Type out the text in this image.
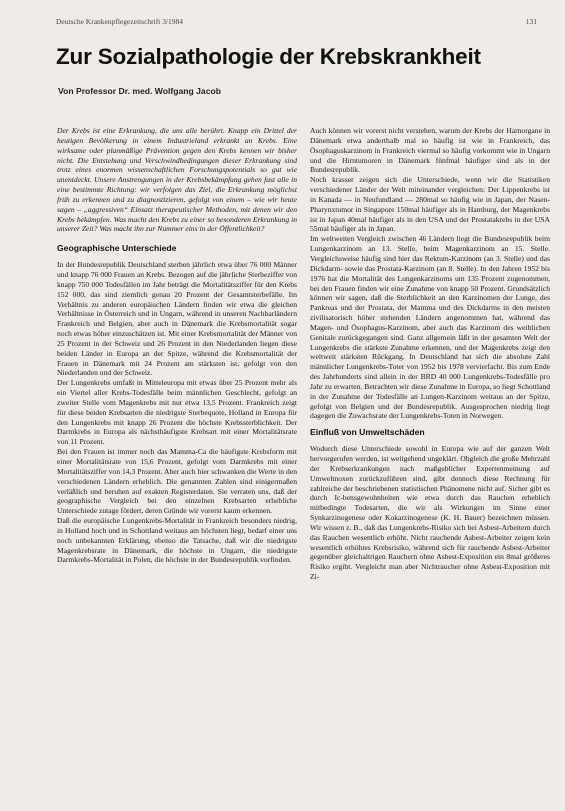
Deutsche Krankenpflegezeitschrift 3/1984	131
Zur Sozialpathologie der Krebskrankheit

Von Professor Dr. med. Wolfgang Jacob

Der Krebs ist eine Erkrankung, die uns alle berührt. Knapp ein Drittel der heutigen Bevölkerung in einem Industrieland erkrankt an Krebs. Eine wirksame oder planmäßige Prävention gegen den Krebs kennen wir bisher nicht. Die Entstehung und Verschwindbedingungen dieser Erkrankung sind trotz eines enormen wissenschaftlichen Forschungspotentials so gut wie unentdeckt. Unsere Anstrengungen in der Krebsbekämpfung gehen fast alle in eine bestimmte Richtung: wir verfolgen das Ziel, die Erkrankung möglichst früh zu erkennen und zu diagnostizieren, gefolgt von einem – wie wir heute sagen – „aggressiven“ Einsatz therapeutischer Methoden, mit denen wir den Krebs bekämpfen. Was macht den Krebs zu einer so besonderen Erkrankung in unserer Zeit? Was macht ihn zur Nummer eins in der Öffentlichkeit?

Geographische Unterschiede

In der Bundesrepublik Deutschland sterben jährlich etwa über 76 000 Männer und knapp 76 000 Frauen an Krebs. Bezogen auf die jährliche Sterbeziffer von knapp 750 000 Todesfällen im Jahr beträgt die Mortalitätsziffer für den Krebs 152 000, das sind ziemlich genau 20 Prozent der Gesamtsterbefälle. Im Verhältnis zu anderen europäischen Ländern finden wir etwa die gleichen Verhältnisse in Österreich und in Ungarn, während in unseren Nachbarländern Frankreich und Belgien, aber auch in Dänemark die Krebsmortalität sogar noch etwas höher einzuschätzen ist. Mit einer Krebsmortalität der Männer von 25 Prozent in der Schweiz und 26 Prozent in den Niederlanden liegen diese beiden Länder in Europa an der Spitze, während die Krebsmortalität der Frauen in Dänemark mit 24 Prozent am stärksten ist, gefolgt von den Niederlanden und der Schweiz.

Der Lungenkrebs umfaßt in Mitteleuropa mit etwas über 25 Prozent mehr als ein Viertel aller Krebs-Todesfälle beim männlichen Geschlecht, gefolgt an zweiter Stelle vom Magenkrebs mit nur etwa 13,5 Prozent. Frankreich zeigt für diese beiden Krebsarten die niedrigste Sterbequote, Holland in Europa für den Lungenkrebs mit knapp 26 Prozent die höchste Krebssterblichkeit. Der Darmkrebs in Europa als nächsthäufigste Krebsart mit einer Mortalitätsrate von 11 Prozent.

Bei den Frauen ist immer noch das Mamma-Ca die häufigste Krebsform mit einer Mortalitätsrate von 15,6 Prozent, gefolgt vom Darmkrebs mit einer Mortalitätsziffer von 14,3 Prozent. Aber auch hier schwanken die Werte in den verschiedenen Ländern erheblich. Die genannten Zahlen sind einigermaßen verläßlich und beruhen auf exakten Registerdaten. Sie verraten uns, daß der geographische Vergleich bei den einzelnen Krebsarten erhebliche Unterschiede zutage fördert, deren Gründe wir vorerst kaum erkennen.

Daß die europäische Lungenkrebs-Mortalität in Frankreich besonders niedrig, in Holland hoch und in Schottland weitaus am höchsten liegt, bedarf einer uns noch unbekannten Erklärung, ebenso die Tatsache, daß wir die niedrigste Magenkrebsrate in Dänemark, die höchste in Ungarn, die niedrigste Darmkrebs-Mortalität in Polen, die höchste in der Bundesrepublik vorfinden.

Auch können wir vorerst nicht verstehen, warum der Krebs der Harnorgane in Dänemark etwa anderthalb mal so häufig ist wie in Frankreich, das Ösophaguskarzinom in Frankreich viermal so häufig vorkommt wie in Ungarn und die Hirntumoren in Dänemark fünfmal häufiger sind als in der Bundesrepublik.

Noch krasser zeigen sich die Unterschiede, wenn wir die Statistiken verschiedener Länder der Welt miteinander vergleichen: Der Lippenkrebs ist in Kanada — in Neufundland — 280mal so häufig wie in Japan, der Nasen-Pharynxtumor in Singapore 150mal häufiger als in Hamburg, der Magenkrebs ist in Japan 40mal häufiger als in den USA und der Prostatakrebs in der USA 55mal häufiger als in Japan.

Im weltweiten Vergleich zwischen 46 Ländern liegt die Bundesrepublik beim Lungenkarzinom an 13. Stelle, beim Magenkarzinom an 15. Stelle. Vergleichsweise häufig sind hier das Rektum-Karzinom (an 3. Stelle) und das Dickdarm- sowie das Prostata-Karzinom (an 8. Stelle). In den Jahren 1952 bis 1976 hat die Mortalität des Lungenkarzinoms um 135 Prozent zugenommen, bei den Frauen finden wir eine Zunahme von knapp 50 Prozent. Grundsätzlich können wir sagen, daß die Sterblichkeit an den Karzinomen der Lunge, des Pankreas und der Prostata, der Mamma und des Dickdarms in den meisten zivilisatorisch höher stehenden Ländern angenommen hat, während das Magen- und Ösophagus-Karzinom, aber auch das Karzinom des weiblichen Genitale zurückgegangen sind. Ganz allgemein läßt in der gesamten Welt der Lungenkrebs die stärkste Zunahme erkennen, und der Magenkrebs zeigt den weltweit stärksten Rückgang. In Deutschland hat sich die absolute Zahl männlicher Lungenkrebs-Toter von 1952 bis 1978 vervierfacht. Bis zum Ende des Jahrhunderts sind allein in der BRD 40 000 Lungenkrebs-Todesfälle pro Jahr zu erwarten. Betrachten wir diese Zunahme in Europa, so liegt Schottland in der Zunahme der Todesfälle an Lungen-Karzinom weitaus an der Spitze, gefolgt von Belgien und der Bundesrepublik. Ausgesprochen niedrig liegt dagegen die Zuwachsrate der Lungenkrebs-Toten in Norwegen.

Einfluß von Umweltschäden

Wodurch diese Unterschiede sowohl in Europa wie auf der ganzen Welt hervorgerufen werden, ist weitgehend ungeklärt. Obgleich die große Mehrzahl der Krebserkrankungen nach maßgeblicher Expertenmeinung auf Umweltnoxen zurückzuführen sind, gibt dennoch diese Rechnung für zahlreiche der beschriebenen statistischen Phänomene nicht auf. Sicher gibt es durch Ic-bensgewohnheiten wie etwa durch das Rauchen erheblich mitbedingte Todesarten, die wir als Wirkungen im Sinne einer Synkarzinogenese oder Kokarzinogenese (K. H. Bauer) bezeichnen müssen. Wir wissen z. B., daß das Lungenkrebs-Risiko sich bei Asbest-Arbeitern durch das Rauchen wesentlich erhöht. Nicht rauchende Asbest-Arbeiter zeigen kein wesentlich erhöhtes Krebsrisiko, während sich für rauchende Asbest-Arbeiter gegenüber gleichaltrigen Rauchern ohne Asbest-Exposition ein 8mal größeres Risiko ergibt. Vergleicht man aber Nichtraucher ohne Asbest-Exposition mit Zi-
